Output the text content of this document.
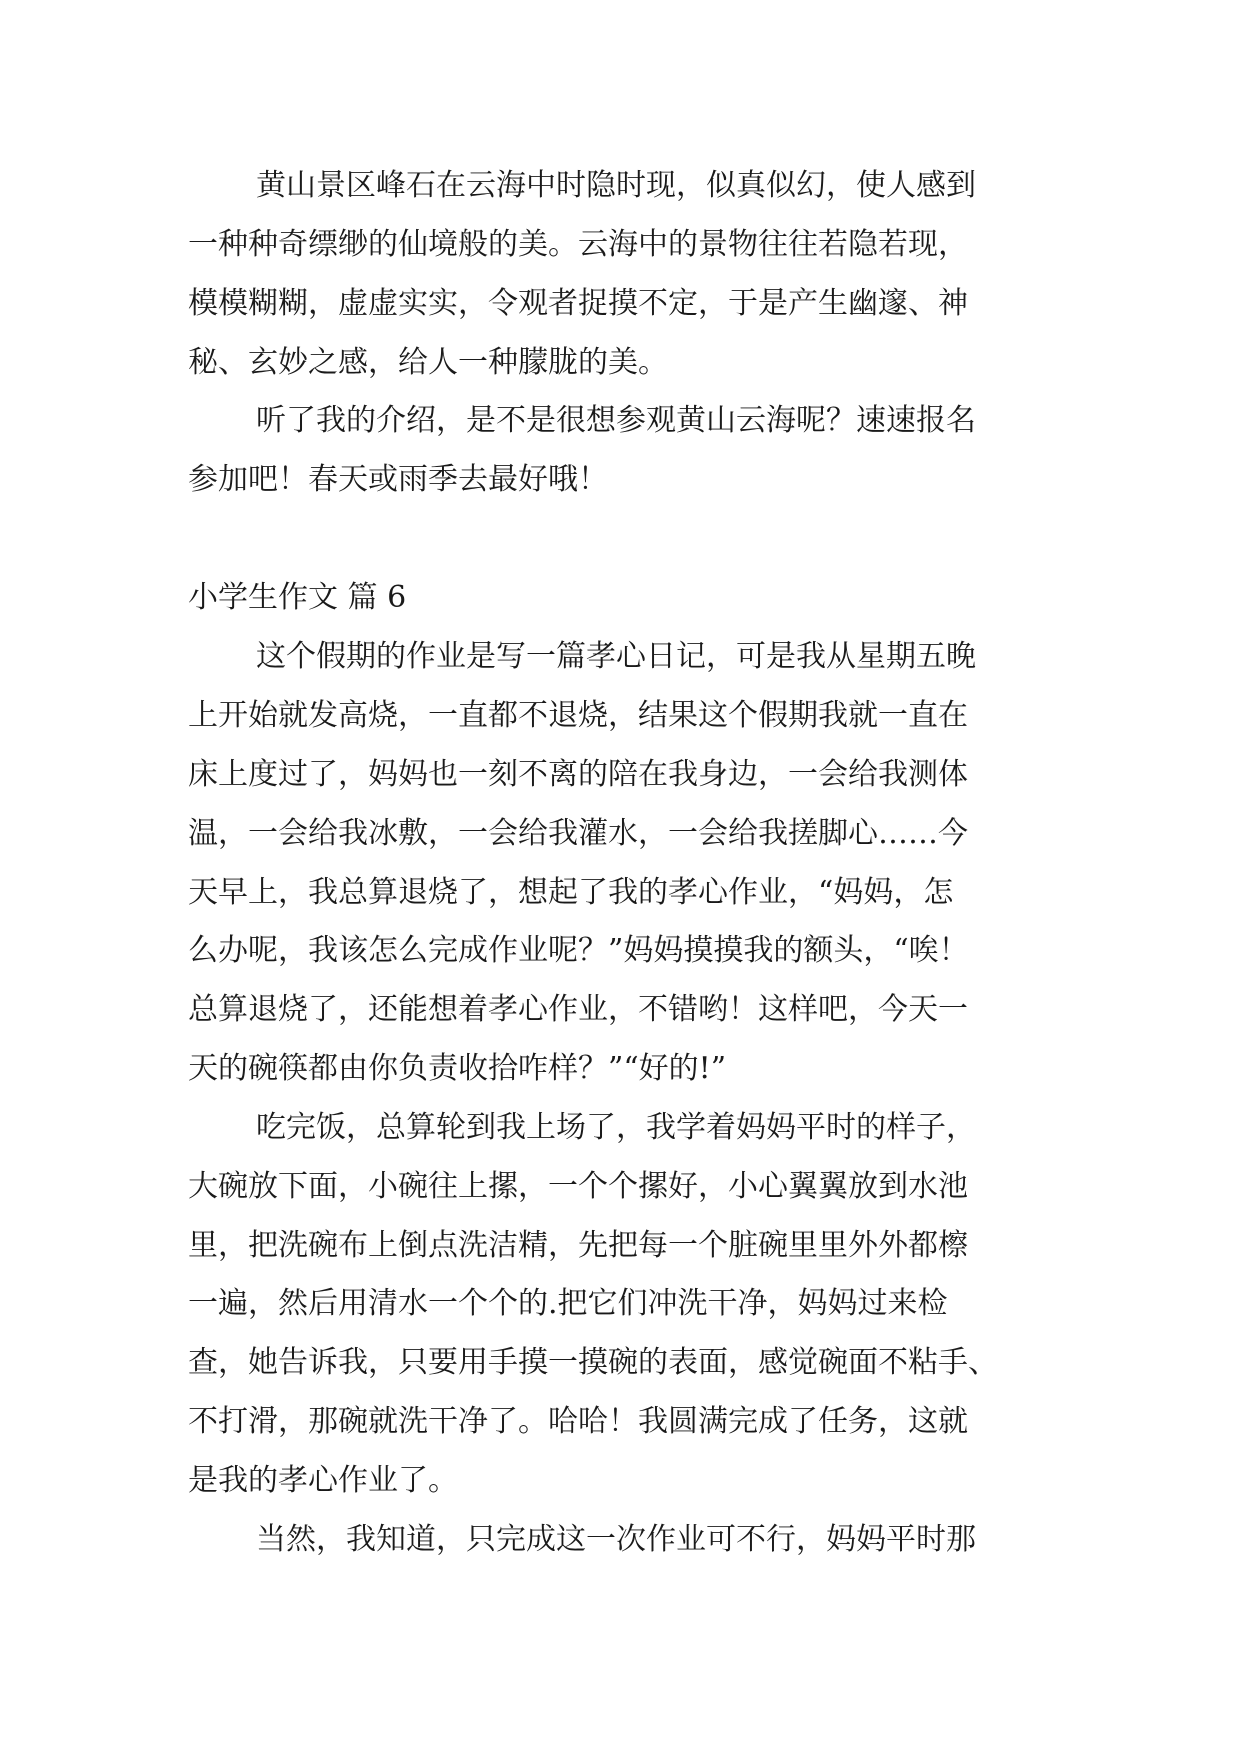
黄山景区峰石在云海中时隐时现，似真似幻，使人感到
一种种奇缥缈的仙境般的美。云海中的景物往往若隐若现，
模模糊糊，虚虚实实，令观者捉摸不定，于是产生幽邃、神
秘、玄妙之感，给人一种朦胧的美。
听了我的介绍，是不是很想参观黄山云海呢？速速报名
参加吧！春天或雨季去最好哦！
小学生作文 篇 6
这个假期的作业是写一篇孝心日记，可是我从星期五晚
上开始就发高烧，一直都不退烧，结果这个假期我就一直在
床上度过了，妈妈也一刻不离的陪在我身边，一会给我测体
温，一会给我冰敷，一会给我灌水，一会给我搓脚心……今
天早上，我总算退烧了，想起了我的孝心作业，“妈妈，怎
么办呢，我该怎么完成作业呢？”妈妈摸摸我的额头，“唉！
总算退烧了，还能想着孝心作业，不错哟！这样吧，今天一
天的碗筷都由你负责收拾咋样？”“好的!”
吃完饭，总算轮到我上场了，我学着妈妈平时的样子，
大碗放下面，小碗往上摞，一个个摞好，小心翼翼放到水池
里，把洗碗布上倒点洗洁精，先把每一个脏碗里里外外都檫
一遍，然后用清水一个个的.把它们冲洗干净，妈妈过来检
查，她告诉我，只要用手摸一摸碗的表面，感觉碗面不粘手、
不打滑，那碗就洗干净了。哈哈！我圆满完成了任务，这就
是我的孝心作业了。
当然，我知道，只完成这一次作业可不行，妈妈平时那
